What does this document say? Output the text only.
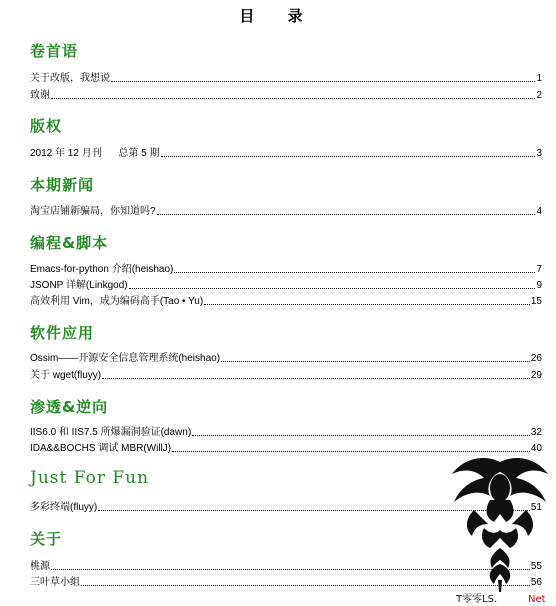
目 录
卷首语
关于改版，我想说	1
致谢	2
版权
2012 年 12 月刊      总第 5 期	3
本期新闻
淘宝店铺新骗局，你知道吗?	4
编程&脚本
Emacs-for-python 介绍(heishao)	7
JSONP 详解(Linkgod)	9
高效利用 Vim，成为编码高手(Tao • Yu)	15
软件应用
Ossim——开源安全信息管理系统(heishao)	26
关于 wget(fluyy)	29
渗透&逆向
IIS6.0 和 IIS7.5 所爆漏洞验证(dawn)	32
IDA&&BOCHS 调试 MBR(WillJ)	40
Just For Fun
多彩终端(fluyy)	51
关于
桃源	55
三叶草小组	56
T零零LS.	Net
